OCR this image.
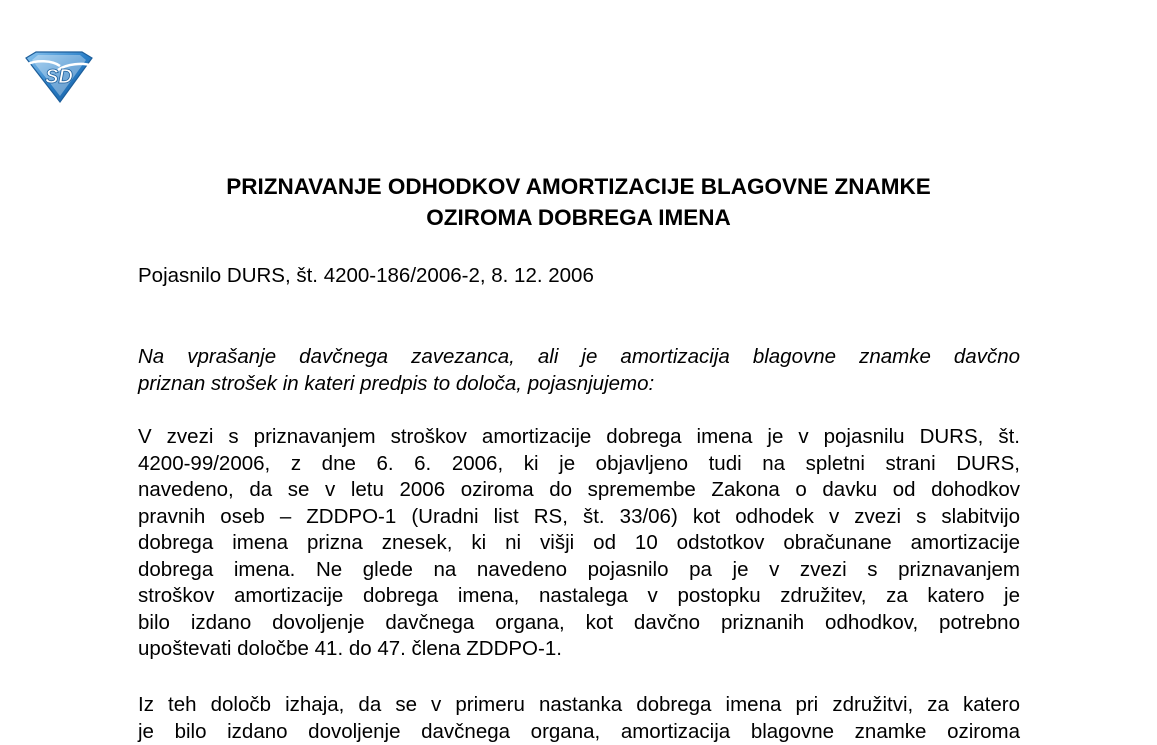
SD
PRIZNAVANJE ODHODKOV AMORTIZACIJE BLAGOVNE ZNAMKE
OZIROMA DOBREGA IMENA

Pojasnilo DURS, št. 4200-186/2006-2, 8. 12. 2006

Na vprašanje davčnega zavezanca, ali je amortizacija blagovne znamke davčno
priznan strošek in kateri predpis to določa, pojasnjujemo:
V zvezi s priznavanjem stroškov amortizacije dobrega imena je v pojasnilu DURS, št.
4200-99/2006, z dne 6. 6. 2006, ki je objavljeno tudi na spletni strani DURS,
navedeno, da se v letu 2006 oziroma do spremembe Zakona o davku od dohodkov
pravnih oseb – ZDDPO-1 (Uradni list RS, št. 33/06) kot odhodek v zvezi s slabitvijo
dobrega imena prizna znesek, ki ni višji od 10 odstotkov obračunane amortizacije
dobrega imena. Ne glede na navedeno pojasnilo pa je v zvezi s priznavanjem
stroškov amortizacije dobrega imena, nastalega v postopku združitev, za katero je
bilo izdano dovoljenje davčnega organa, kot davčno priznanih odhodkov, potrebno
upoštevati določbe 41. do 47. člena ZDDPO-1.
Iz teh določb izhaja, da se v primeru nastanka dobrega imena pri združitvi, za katero
je bilo izdano dovoljenje davčnega organa, amortizacija blagovne znamke oziroma
